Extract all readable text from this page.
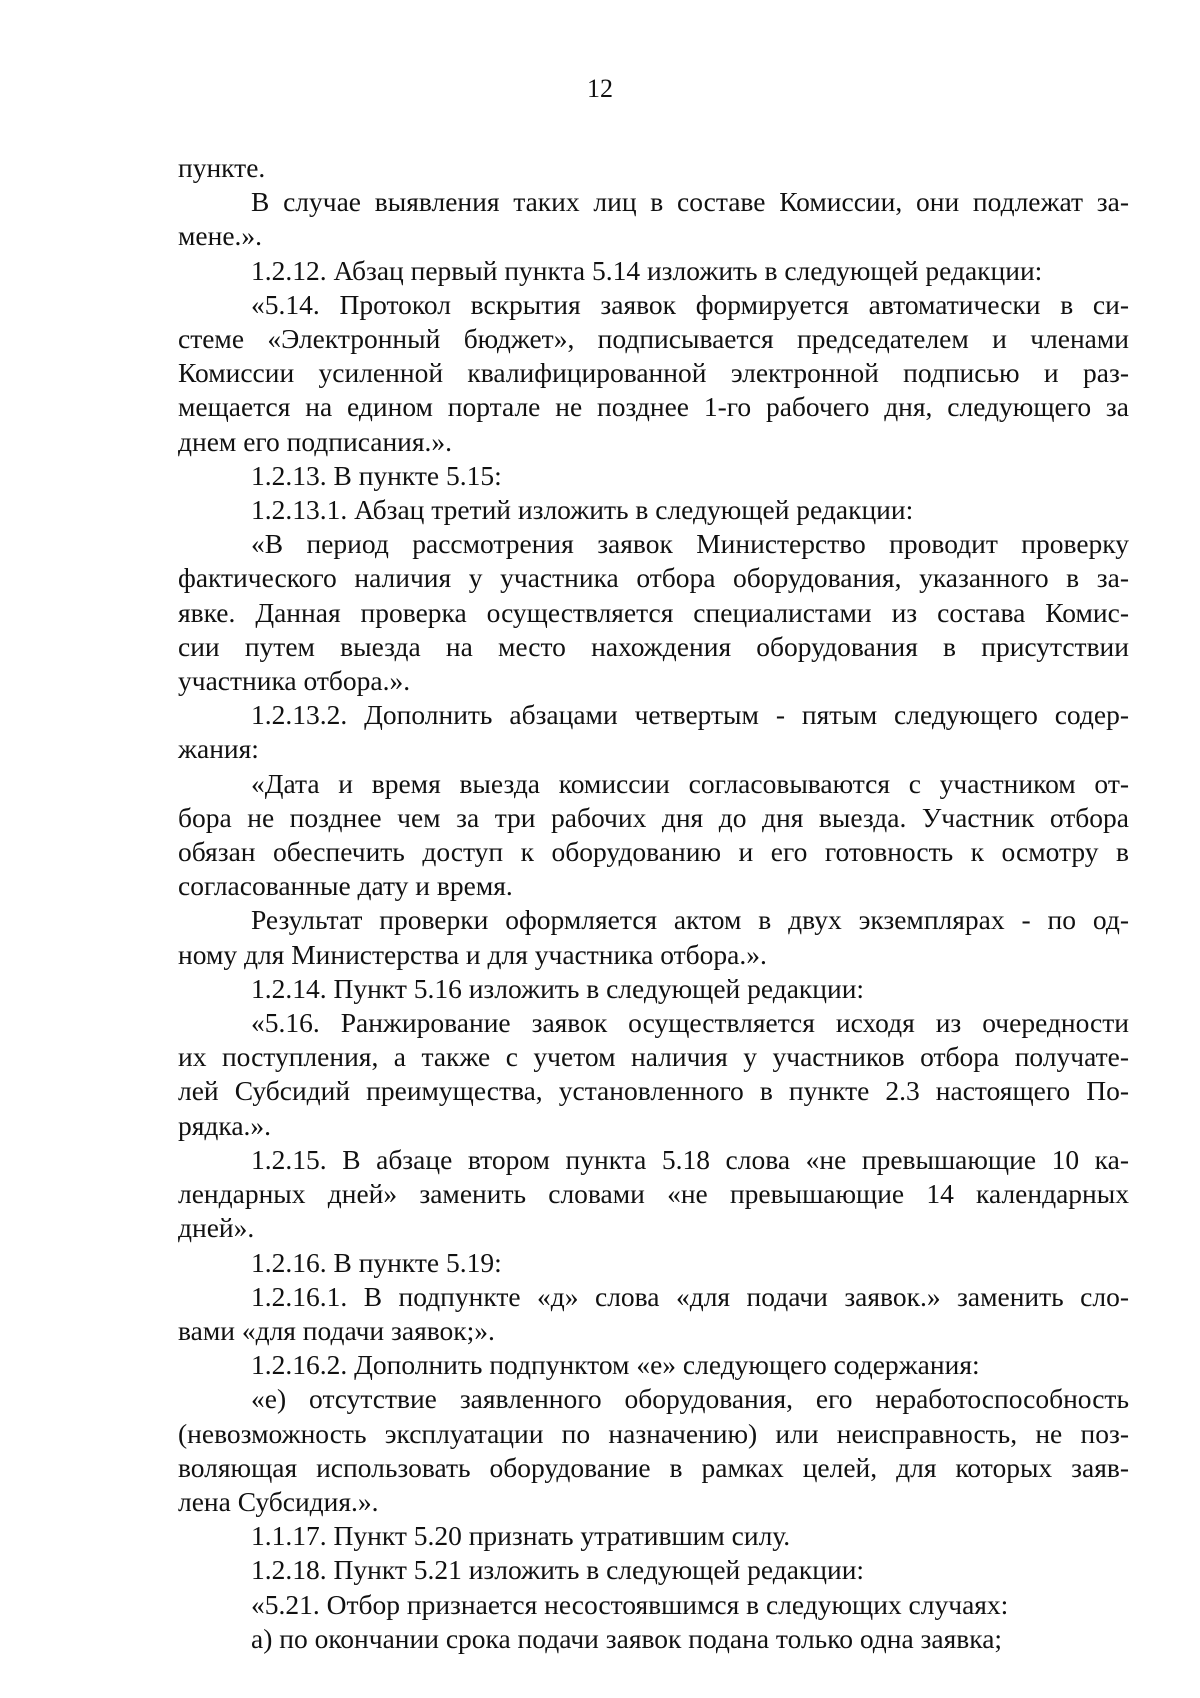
12
пункте.
В случае выявления таких лиц в составе Комиссии, они подлежат за-
мене.».
1.2.12. Абзац первый пункта 5.14 изложить в следующей редакции:
«5.14. Протокол вскрытия заявок формируется автоматически в си-
стеме «Электронный бюджет», подписывается председателем и членами
Комиссии усиленной квалифицированной электронной подписью и раз-
мещается на едином портале не позднее 1-го рабочего дня, следующего за
днем его подписания.».
1.2.13. В пункте 5.15:
1.2.13.1. Абзац третий изложить в следующей редакции:
«В период рассмотрения заявок Министерство проводит проверку
фактического наличия у участника отбора оборудования, указанного в за-
явке. Данная проверка осуществляется специалистами из состава Комис-
сии путем выезда на место нахождения оборудования в присутствии
участника отбора.».
1.2.13.2. Дополнить абзацами четвертым - пятым следующего содер-
жания:
«Дата и время выезда комиссии согласовываются с участником от-
бора не позднее чем за три рабочих дня до дня выезда. Участник отбора
обязан обеспечить доступ к оборудованию и его готовность к осмотру в
согласованные дату и время.
Результат проверки оформляется актом в двух экземплярах - по од-
ному для Министерства и для участника отбора.».
1.2.14. Пункт 5.16 изложить в следующей редакции:
«5.16. Ранжирование заявок осуществляется исходя из очередности
их поступления, а также с учетом наличия у участников отбора получате-
лей Субсидий преимущества, установленного в пункте 2.3 настоящего По-
рядка.».
1.2.15. В абзаце втором пункта 5.18 слова «не превышающие 10 ка-
лендарных дней» заменить словами «не превышающие 14 календарных
дней».
1.2.16. В пункте 5.19:
1.2.16.1. В подпункте «д» слова «для подачи заявок.» заменить сло-
вами «для подачи заявок;».
1.2.16.2. Дополнить подпунктом «е» следующего содержания:
«е) отсутствие заявленного оборудования, его неработоспособность
(невозможность эксплуатации по назначению) или неисправность, не поз-
воляющая использовать оборудование в рамках целей, для которых заяв-
лена Субсидия.».
1.1.17. Пункт 5.20 признать утратившим силу.
1.2.18. Пункт 5.21 изложить в следующей редакции:
«5.21. Отбор признается несостоявшимся в следующих случаях:
а) по окончании срока подачи заявок подана только одна заявка;
